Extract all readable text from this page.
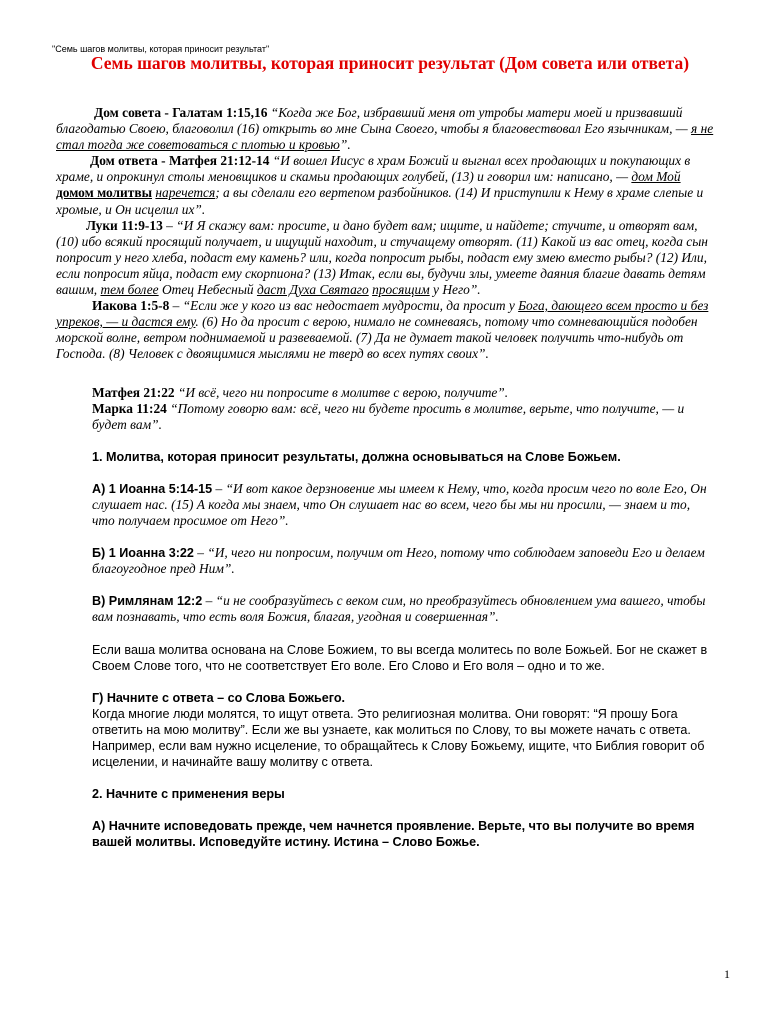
"Семь шагов молитвы, которая приносит результат"
Семь шагов молитвы, которая приносит результат (Дом совета или ответа)

Дом совета - Галатам 1:15,16 “Когда же Бог, избравший меня от утробы матери моей и призвавший благодатью Своею, благоволил (16) открыть во мне Сына Своего, чтобы я благовествовал Его язычникам, — я не стал тогда же советоваться с плотью и кровью”.

Дом ответа - Матфея 21:12-14 “И вошел Иисус в храм Божий и выгнал всех продающих и покупающих в храме, и опрокинул столы меновщиков и скамьи продающих голубей, (13) и говорил им: написано, — дом Мой домом молитвы наречется; а вы сделали его вертепом разбойников. (14) И приступили к Нему в храме слепые и хромые, и Он исцелил их”.

Луки 11:9-13 – “И Я скажу вам: просите, и дано будет вам; ищите, и найдете; стучите, и отворят вам, (10) ибо всякий просящий получает, и ищущий находит, и стучащему отворят. (11) Какой из вас отец, когда сын попросит у него хлеба, подаст ему камень? или, когда попросит рыбы, подаст ему змею вместо рыбы? (12) Или, если попросит яйца, подаст ему скорпиона? (13) Итак, если вы, будучи злы, умеете даяния благие давать детям вашим, тем более Отец Небесный даст Духа Святаго просящим у Него”.

Иакова 1:5-8 – “Если же у кого из вас недостает мудрости, да просит у Бога, дающего всем просто и без упреков, — и дастся ему. (6) Но да просит с верою, нимало не сомневаясь, потому что сомневающийся подобен морской волне, ветром поднимаемой и развеваемой. (7) Да не думает такой человек получить что-нибудь от Господа. (8) Человек с двоящимися мыслями не тверд во всех путях своих”.

Матфея 21:22 “И всё, чего ни попросите в молитве с верою, получите”.

Марка 11:24 “Потому говорю вам: всё, чего ни будете просить в молитве, верьте, что получите, — и будет вам”.

1. Молитва, которая приносит результаты, должна основываться на Слове Божьем.

А) 1 Иоанна 5:14-15 – “И вот какое дерзновение мы имеем к Нему, что, когда просим чего по воле Его, Он слушает нас. (15) А когда мы знаем, что Он слушает нас во всем, чего бы мы ни просили, — знаем и то, что получаем просимое от Него”.

Б) 1 Иоанна 3:22 – “И, чего ни попросим, получим от Него, потому что соблюдаем заповеди Его и делаем благоугодное пред Ним”.

В) Римлянам 12:2 – “и не сообразуйтесь с веком сим, но преобразуйтесь обновлением ума вашего, чтобы вам познавать, что есть воля Божия, благая, угодная и совершенная”.

Если ваша молитва основана на Слове Божием, то вы всегда молитесь по воле Божьей. Бог не скажет в Своем Слове того, что не соответствует Его воле. Его Слово и Его воля – одно и то же.

Г) Начните с ответа – со Слова Божьего.

Когда многие люди молятся, то ищут ответа. Это религиозная молитва. Они говорят: “Я прошу Бога ответить на мою молитву”. Если же вы узнаете, как молиться по Слову, то вы можете начать с ответа.

Например, если вам нужно исцеление, то обращайтесь к Слову Божьему, ищите, что Библия говорит об исцелении, и начинайте вашу молитву с ответа.

2. Начните с применения веры

А) Начните исповедовать прежде, чем начнется проявление. Верьте, что вы получите во время вашей молитвы. Исповедуйте истину. Истина – Слово Божье.

1
